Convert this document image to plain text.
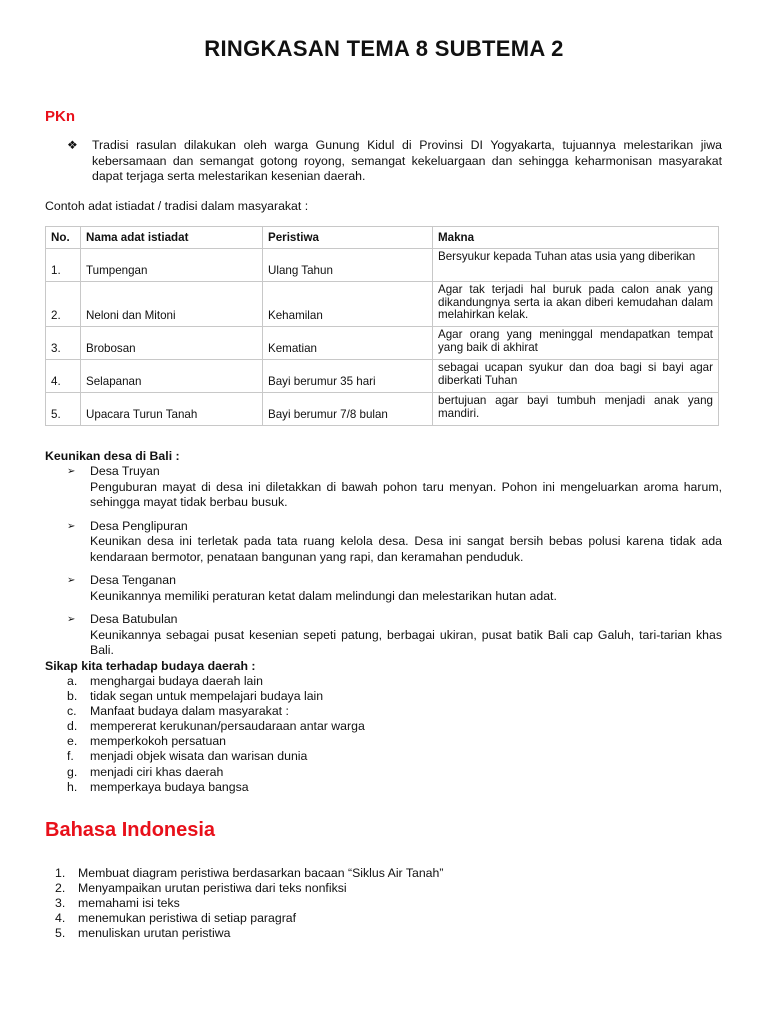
RINGKASAN TEMA 8 SUBTEMA 2
PKn
❖ Tradisi rasulan dilakukan oleh warga Gunung Kidul di Provinsi DI Yogyakarta, tujuannya melestarikan jiwa kebersamaan dan semangat gotong royong, semangat kekeluargaan dan sehingga keharmonisan masyarakat dapat terjaga serta melestarikan kesenian daerah.
Contoh adat istiadat / tradisi dalam masyarakat :
No.	Nama adat istiadat	Peristiwa	Makna
1.	Tumpengan	Ulang Tahun	Bersyukur kepada Tuhan atas usia yang diberikan
2.	Neloni dan Mitoni	Kehamilan	Agar tak terjadi hal buruk pada calon anak yang dikandungnya serta ia akan diberi kemudahan dalam melahirkan kelak.
3.	Brobosan	Kematian	Agar orang yang meninggal mendapatkan tempat yang baik di akhirat
4.	Selapanan	Bayi berumur 35 hari	sebagai ucapan syukur dan doa bagi si bayi agar diberkati Tuhan
5.	Upacara Turun Tanah	Bayi berumur 7/8 bulan	bertujuan agar bayi tumbuh menjadi anak yang mandiri.
Keunikan desa di Bali :
➢ Desa Truyan
Penguburan mayat di desa ini diletakkan di bawah pohon taru menyan. Pohon ini mengeluarkan aroma harum, sehingga mayat tidak berbau busuk.
➢ Desa Penglipuran
Keunikan desa ini terletak pada tata ruang kelola desa. Desa ini sangat bersih bebas polusi karena tidak ada kendaraan bermotor, penataan bangunan yang rapi, dan keramahan penduduk.
➢ Desa Tenganan
Keunikannya memiliki peraturan ketat dalam melindungi dan melestarikan hutan adat.
➢ Desa Batubulan
Keunikannya sebagai pusat kesenian sepeti patung, berbagai ukiran, pusat batik Bali cap Galuh, tari-tarian khas Bali.
Sikap kita terhadap budaya daerah :
a. menghargai budaya daerah lain
b. tidak segan untuk mempelajari budaya lain
c. Manfaat budaya dalam masyarakat :
d. mempererat kerukunan/persaudaraan antar warga
e. memperkokoh persatuan
f. menjadi objek wisata dan warisan dunia
g. menjadi ciri khas daerah
h. memperkaya budaya bangsa
Bahasa Indonesia
1. Membuat diagram peristiwa berdasarkan bacaan “Siklus Air Tanah”
2. Menyampaikan urutan peristiwa dari teks nonfiksi
3. memahami isi teks
4. menemukan peristiwa di setiap paragraf
5. menuliskan urutan peristiwa
